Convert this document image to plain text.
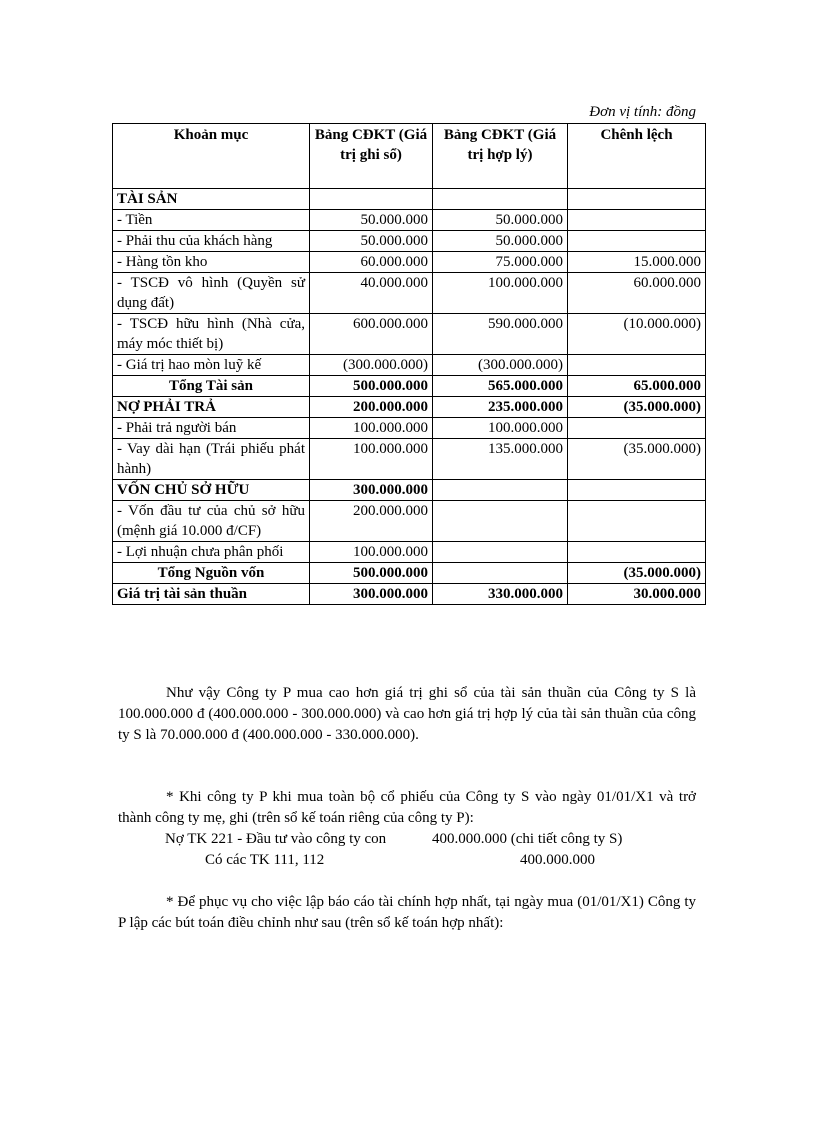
Đơn vị tính: đồng
Khoản mục	Bảng CĐKT (Giá trị ghi sổ)	Bảng CĐKT (Giá trị hợp lý)	Chênh lệch
TÀI SẢN			
- Tiền	50.000.000	50.000.000	
- Phải thu của khách hàng	50.000.000	50.000.000	
- Hàng tồn kho	60.000.000	75.000.000	15.000.000
- TSCĐ vô hình (Quyền sử dụng đất)	40.000.000	100.000.000	60.000.000
- TSCĐ hữu hình (Nhà cửa, máy móc thiết bị)	600.000.000	590.000.000	(10.000.000)
- Giá trị hao mòn luỹ kế	(300.000.000)	(300.000.000)	
Tổng Tài sản	500.000.000	565.000.000	65.000.000
NỢ PHẢI TRẢ	200.000.000	235.000.000	(35.000.000)
- Phải trả người bán	100.000.000	100.000.000	
- Vay dài hạn (Trái phiếu phát hành)	100.000.000	135.000.000	(35.000.000)
VỐN CHỦ SỞ HỮU	300.000.000		
- Vốn đầu tư của chủ sở hữu (mệnh giá 10.000 đ/CF)	200.000.000		
- Lợi nhuận chưa phân phối	100.000.000		
Tổng Nguồn vốn	500.000.000		(35.000.000)
Giá trị tài sản thuần	300.000.000	330.000.000	30.000.000

Như vậy Công ty P mua cao hơn giá trị ghi sổ của tài sản thuần của Công ty S là 100.000.000 đ (400.000.000 - 300.000.000) và cao hơn giá trị hợp lý của tài sản thuần của công ty S là 70.000.000 đ (400.000.000 - 330.000.000).

* Khi công ty P khi mua toàn bộ cổ phiếu của Công ty S vào ngày 01/01/X1 và trở thành công ty mẹ, ghi (trên sổ kế toán riêng của công ty P):

Nợ TK 221 - Đầu tư vào công ty con	400.000.000 (chi tiết công ty S)
Có các TK 111, 112	400.000.000

* Để phục vụ cho việc lập báo cáo tài chính hợp nhất, tại ngày mua (01/01/X1) Công ty P lập các bút toán điều chỉnh như sau (trên sổ kế toán hợp nhất):
